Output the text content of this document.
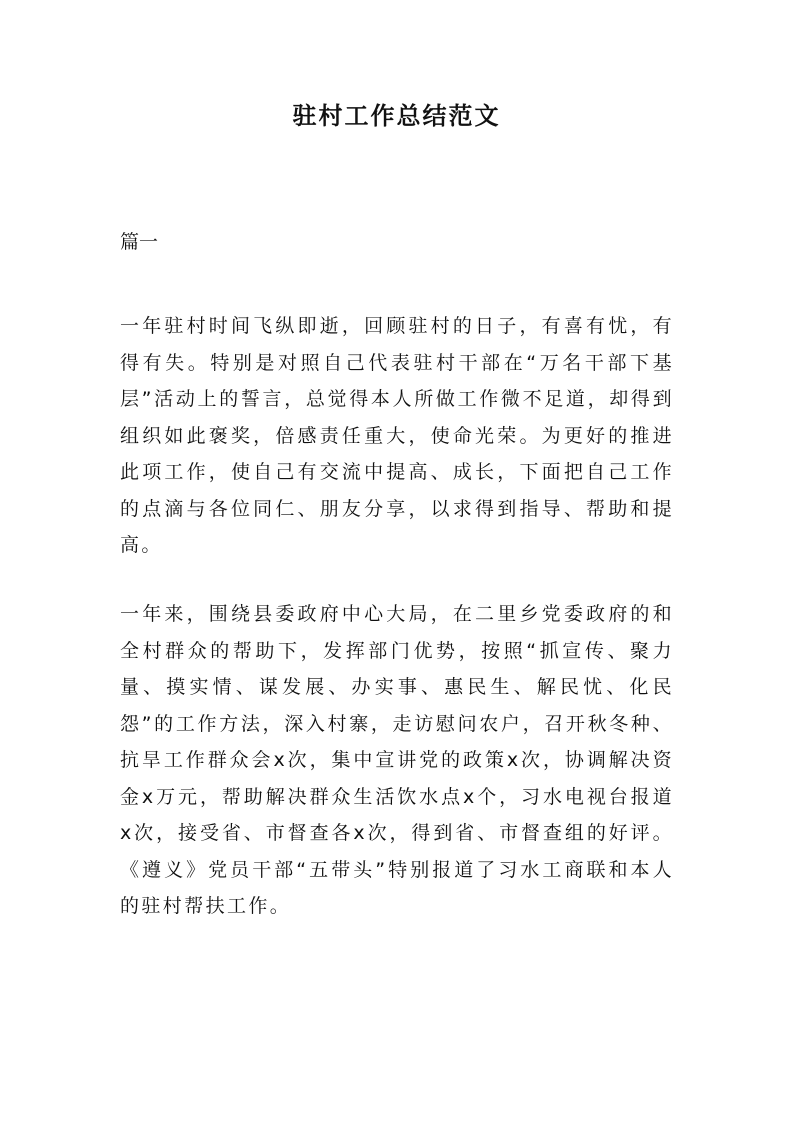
驻村工作总结范文

篇一

一年驻村时间飞纵即逝，回顾驻村的日子，有喜有忧，有得有失。特别是对照自己代表驻村干部在“万名干部下基层”活动上的誓言，总觉得本人所做工作微不足道，却得到组织如此褒奖，倍感责任重大，使命光荣。为更好的推进此项工作，使自己有交流中提高、成长，下面把自己工作的点滴与各位同仁、朋友分享，以求得到指导、帮助和提高。

一年来，围绕县委政府中心大局，在二里乡党委政府的和全村群众的帮助下，发挥部门优势，按照“抓宣传、聚力量、摸实情、谋发展、办实事、惠民生、解民忧、化民怨”的工作方法，深入村寨，走访慰问农户，召开秋冬种、抗旱工作群众会x次，集中宣讲党的政策x次，协调解决资金x万元，帮助解决群众生活饮水点x个，习水电视台报道x次，接受省、市督查各x次，得到省、市督查组的好评。《遵义》党员干部“五带头”特别报道了习水工商联和本人的驻村帮扶工作。
